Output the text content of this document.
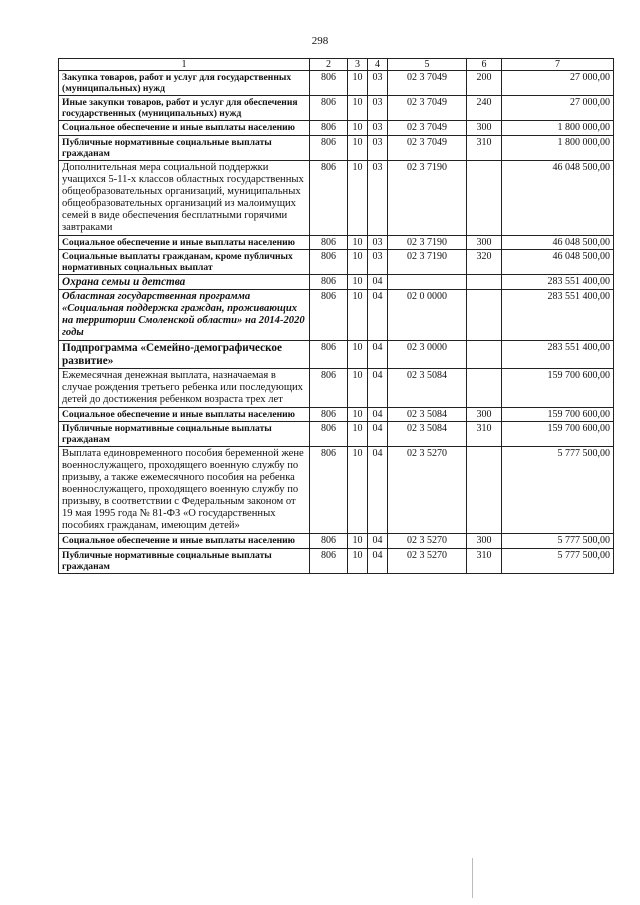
298
1	2	3	4	5	6	7
Закупка товаров, работ и услуг для государственных (муниципальных) нужд	806	10	03	02 3 7049	200	27 000,00
Иные закупки товаров, работ и услуг для обеспечения государственных (муниципальных) нужд	806	10	03	02 3 7049	240	27 000,00
Социальное обеспечение и иные выплаты населению	806	10	03	02 3 7049	300	1 800 000,00
Публичные нормативные социальные выплаты гражданам	806	10	03	02 3 7049	310	1 800 000,00
Дополнительная мера социальной поддержки учащихся 5-11-х классов областных государственных общеобразовательных организаций, муниципальных общеобразовательных организаций из малоимущих семей в виде обеспечения бесплатными горячими завтраками	806	10	03	02 3 7190		46 048 500,00
Социальное обеспечение и иные выплаты населению	806	10	03	02 3 7190	300	46 048 500,00
Социальные выплаты гражданам, кроме публичных нормативных социальных выплат	806	10	03	02 3 7190	320	46 048 500,00
Охрана семьи и детства	806	10	04			283 551 400,00
Областная государственная программа «Социальная поддержка граждан, проживающих на территории Смоленской области» на 2014-2020 годы	806	10	04	02 0 0000		283 551 400,00
Подпрограмма «Семейно-демографическое развитие»	806	10	04	02 3 0000		283 551 400,00
Ежемесячная денежная выплата, назначаемая в случае рождения третьего ребенка или последующих детей до достижения ребенком возраста трех лет	806	10	04	02 3 5084		159 700 600,00
Социальное обеспечение и иные выплаты населению	806	10	04	02 3 5084	300	159 700 600,00
Публичные нормативные социальные выплаты гражданам	806	10	04	02 3 5084	310	159 700 600,00
Выплата единовременного пособия беременной жене военнослужащего, проходящего военную службу по призыву, а также ежемесячного пособия на ребенка военнослужащего, проходящего военную службу по призыву, в соответствии с Федеральным законом от 19 мая 1995 года № 81-ФЗ «О государственных пособиях гражданам, имеющим детей»	806	10	04	02 3 5270		5 777 500,00
Социальное обеспечение и иные выплаты населению	806	10	04	02 3 5270	300	5 777 500,00
Публичные нормативные социальные выплаты гражданам	806	10	04	02 3 5270	310	5 777 500,00
